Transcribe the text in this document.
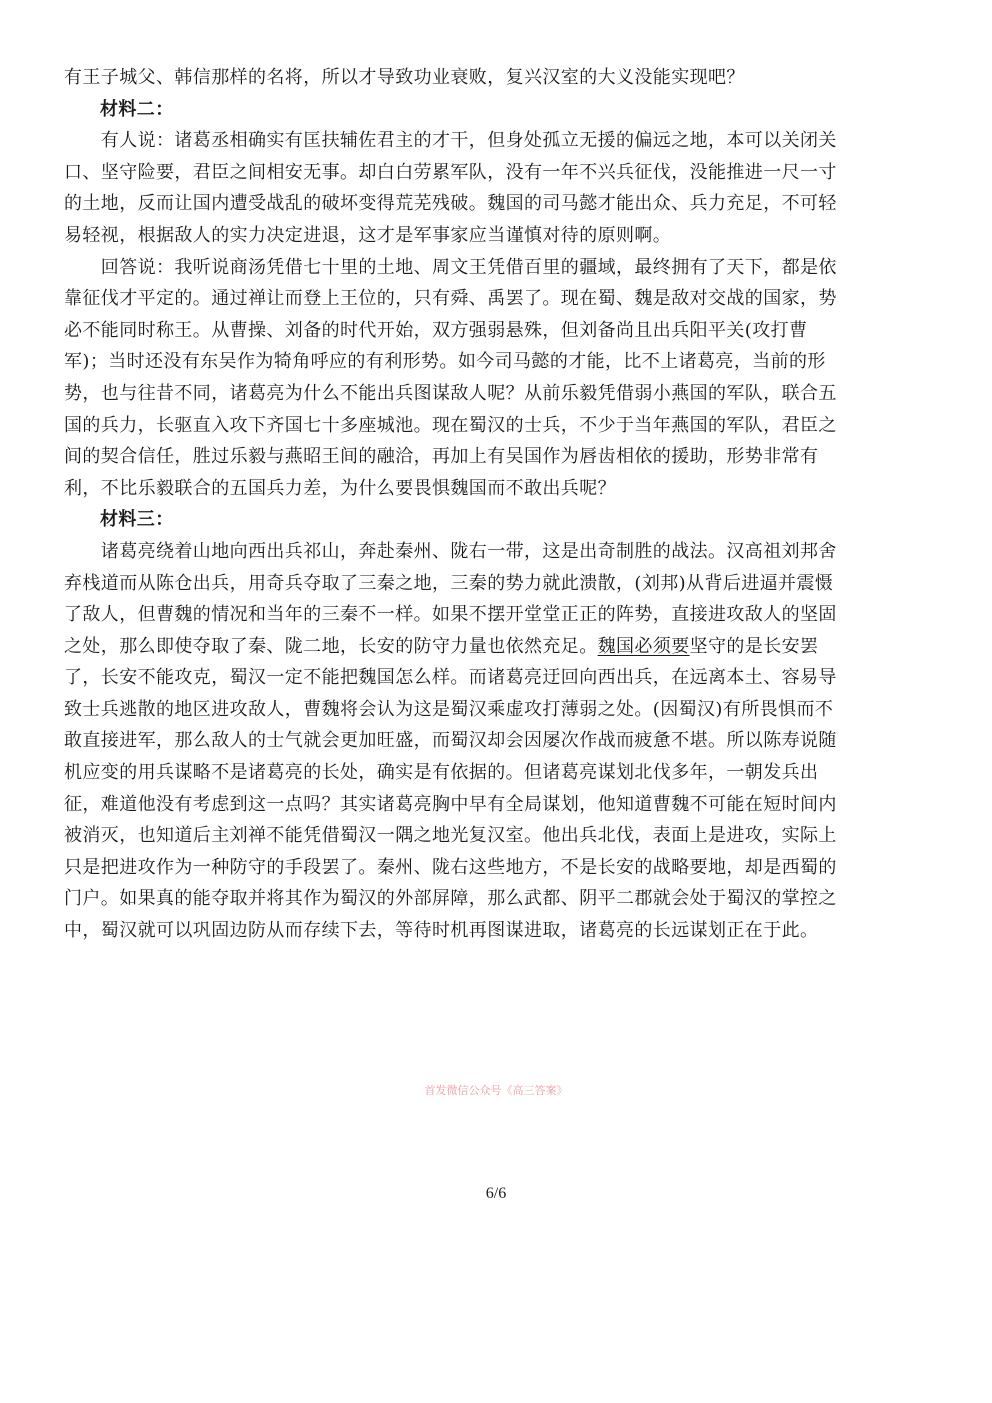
有王子城父、韩信那样的名将，所以才导致功业衰败，复兴汉室的大义没能实现吧？
材料二：
　　有人说：诸葛丞相确实有匡扶辅佐君主的才干，但身处孤立无援的偏远之地，本可以关闭关
口、坚守险要，君臣之间相安无事。却白白劳累军队，没有一年不兴兵征伐，没能推进一尺一寸
的土地，反而让国内遭受战乱的破坏变得荒芜残破。魏国的司马懿才能出众、兵力充足，不可轻
易轻视，根据敌人的实力决定进退，这才是军事家应当谨慎对待的原则啊。
　　回答说：我听说商汤凭借七十里的土地、周文王凭借百里的疆域，最终拥有了天下，都是依
靠征伐才平定的。通过禅让而登上王位的，只有舜、禹罢了。现在蜀、魏是敌对交战的国家，势
必不能同时称王。从曹操、刘备的时代开始，双方强弱悬殊，但刘备尚且出兵阳平关(攻打曹
军)；当时还没有东吴作为犄角呼应的有利形势。如今司马懿的才能，比不上诸葛亮，当前的形
势，也与往昔不同，诸葛亮为什么不能出兵图谋敌人呢？从前乐毅凭借弱小燕国的军队，联合五
国的兵力，长驱直入攻下齐国七十多座城池。现在蜀汉的士兵，不少于当年燕国的军队，君臣之
间的契合信任，胜过乐毅与燕昭王间的融洽，再加上有吴国作为唇齿相依的援助，形势非常有
利，不比乐毅联合的五国兵力差，为什么要畏惧魏国而不敢出兵呢？
材料三：
　　诸葛亮绕着山地向西出兵祁山，奔赴秦州、陇右一带，这是出奇制胜的战法。汉高祖刘邦舍
弃栈道而从陈仓出兵，用奇兵夺取了三秦之地，三秦的势力就此溃散，(刘邦)从背后进逼并震慑
了敌人，但曹魏的情况和当年的三秦不一样。如果不摆开堂堂正正的阵势，直接进攻敌人的坚固
之处，那么即使夺取了秦、陇二地，长安的防守力量也依然充足。魏国必须要坚守的是长安罢
了，长安不能攻克，蜀汉一定不能把魏国怎么样。而诸葛亮迂回向西出兵，在远离本土、容易导
致士兵逃散的地区进攻敌人，曹魏将会认为这是蜀汉乘虚攻打薄弱之处。(因蜀汉)有所畏惧而不
敢直接进军，那么敌人的士气就会更加旺盛，而蜀汉却会因屡次作战而疲惫不堪。所以陈寿说随
机应变的用兵谋略不是诸葛亮的长处，确实是有依据的。但诸葛亮谋划北伐多年，一朝发兵出
征，难道他没有考虑到这一点吗？其实诸葛亮胸中早有全局谋划，他知道曹魏不可能在短时间内
被消灭，也知道后主刘禅不能凭借蜀汉一隅之地光复汉室。他出兵北伐，表面上是进攻，实际上
只是把进攻作为一种防守的手段罢了。秦州、陇右这些地方，不是长安的战略要地，却是西蜀的
门户。如果真的能夺取并将其作为蜀汉的外部屏障，那么武都、阴平二郡就会处于蜀汉的掌控之
中，蜀汉就可以巩固边防从而存续下去，等待时机再图谋进取，诸葛亮的长远谋划正在于此。
首发微信公众号《高三答案》
6/6
